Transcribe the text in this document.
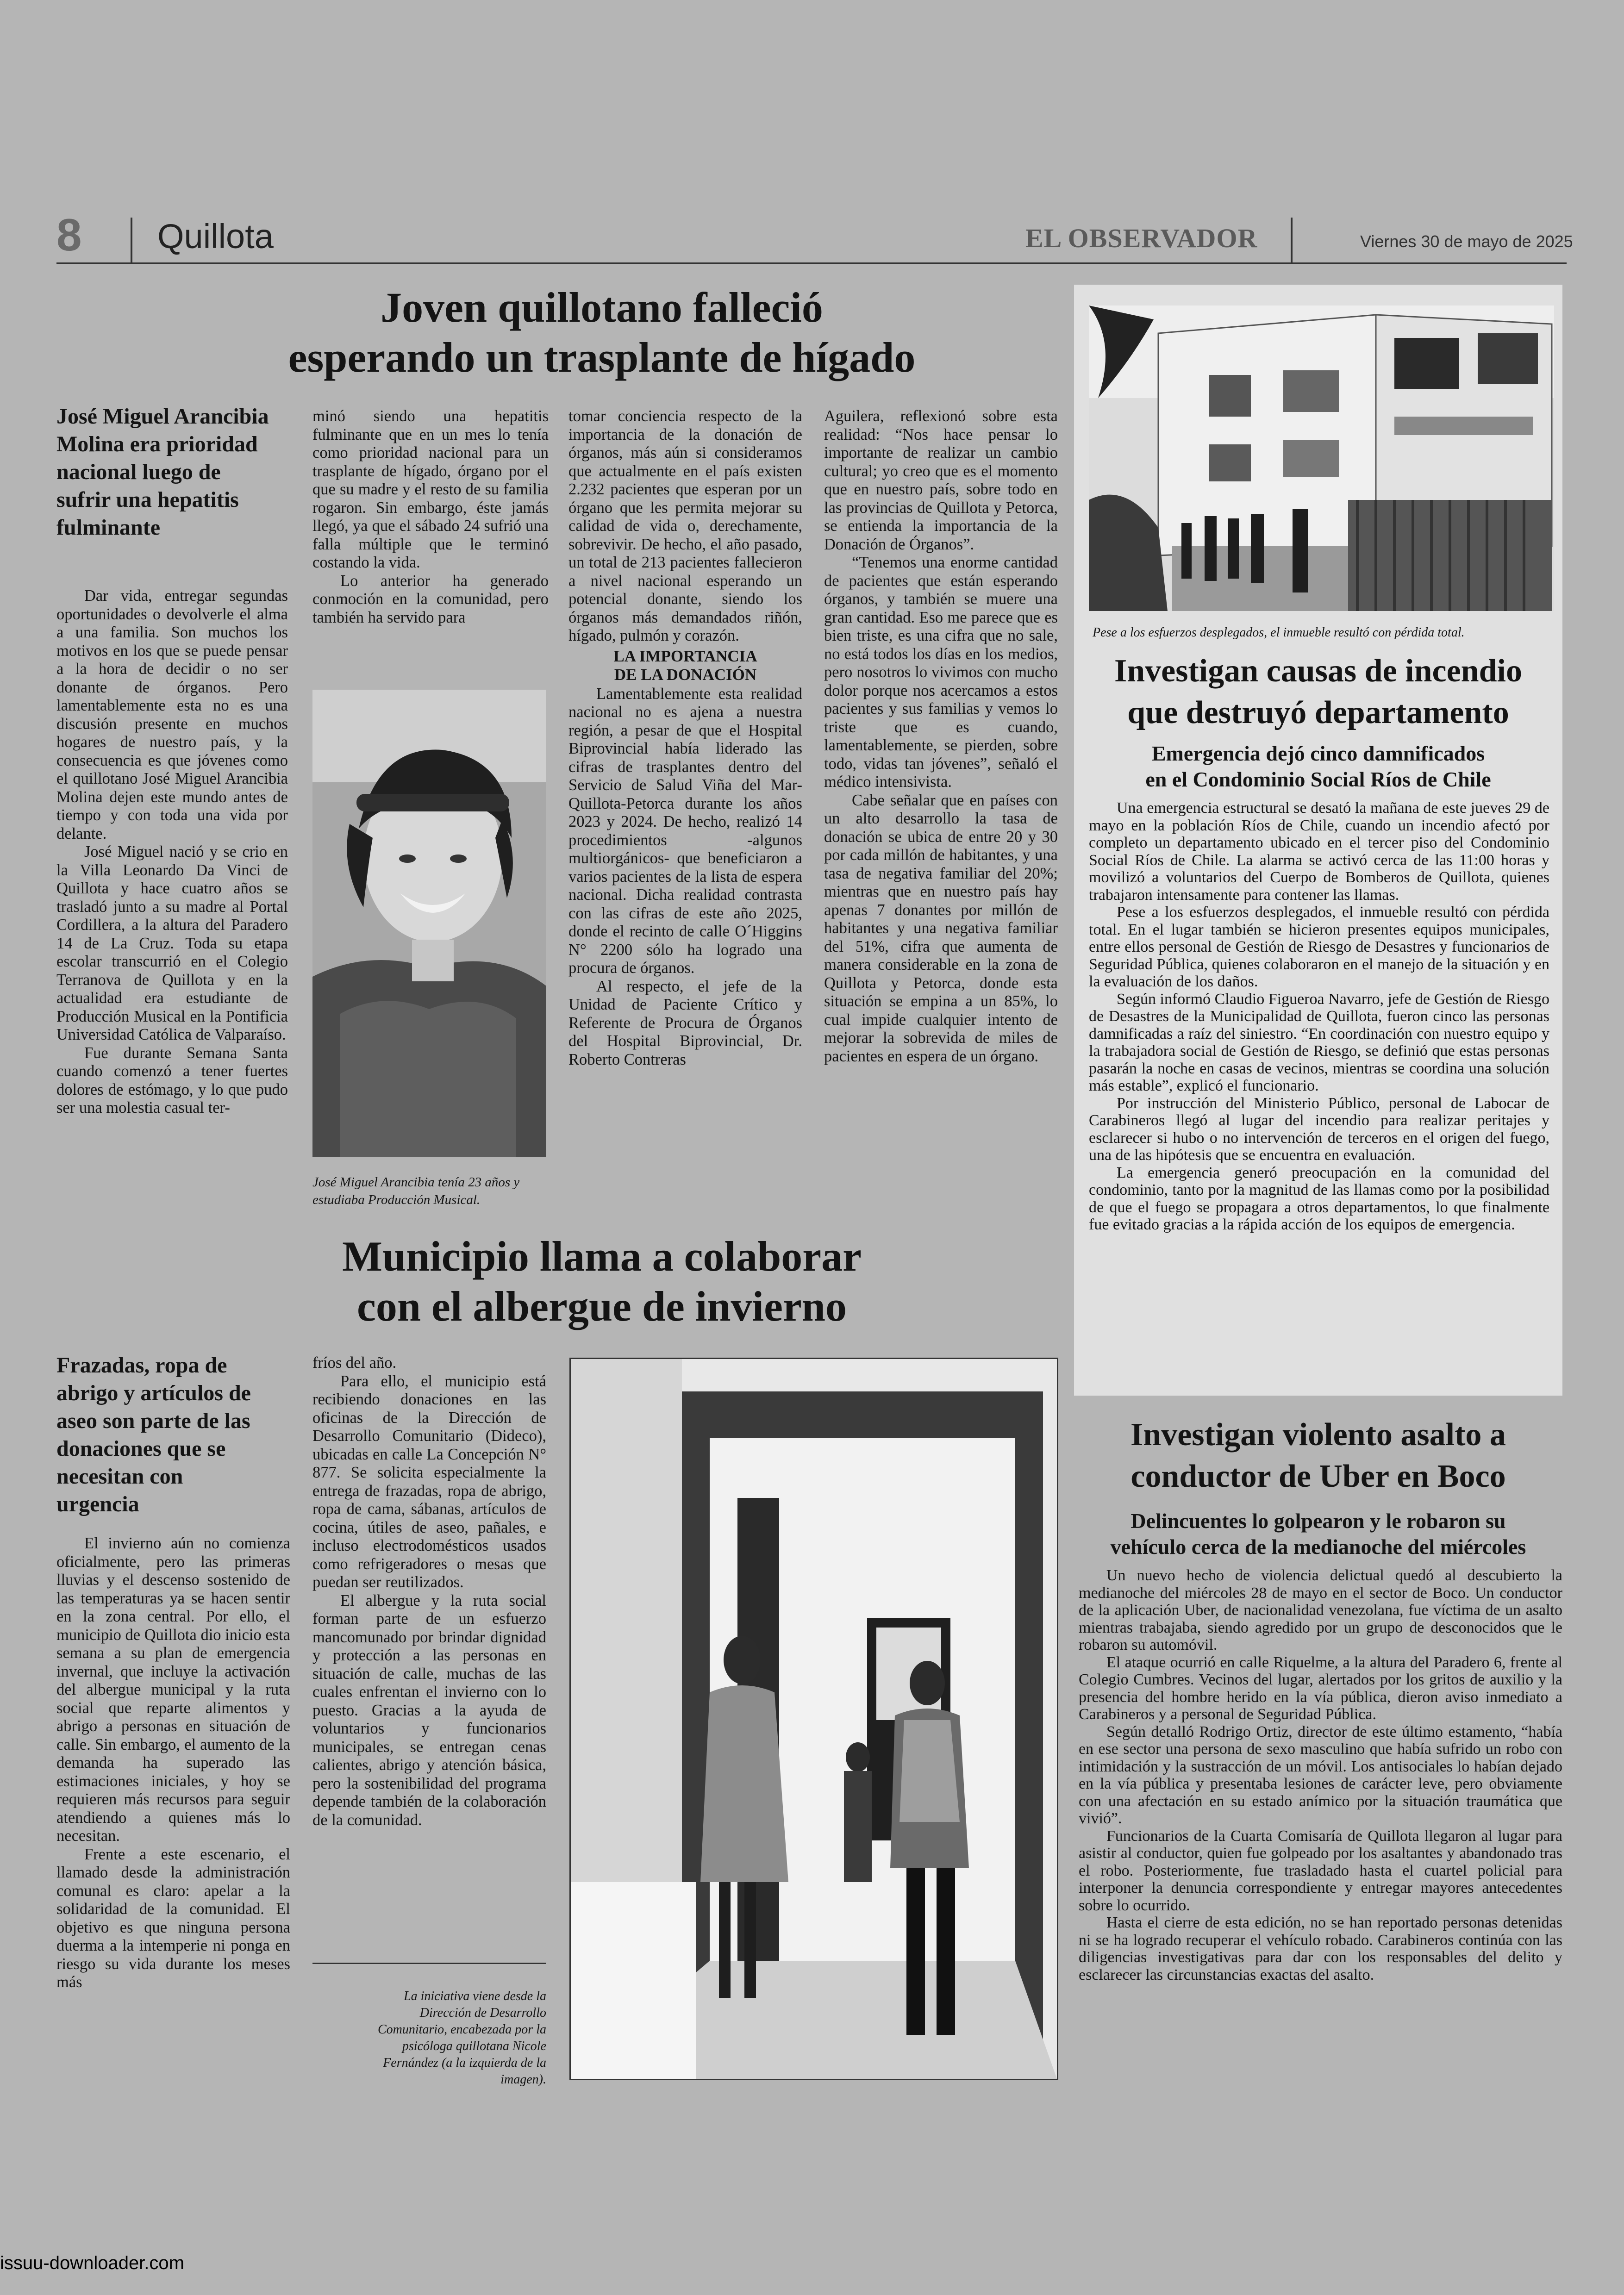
8 Quillota	EL OBSERVADOR	Viernes 30 de mayo de 2025
Joven quillotano falleció
esperando un trasplante de hígado
José Miguel Arancibia Molina era prioridad nacional luego de sufrir una hepatitis fulminante

Dar vida, entregar segundas oportunidades o devolverle el alma a una familia. Son muchos los motivos en los que se puede pensar a la hora de decidir o no ser donante de órganos. Pero lamentablemente esta no es una discusión presente en muchos hogares de nuestro país, y la consecuencia es que jóvenes como el quillotano José Miguel Arancibia Molina dejen este mundo antes de tiempo y con toda una vida por delante.

José Miguel nació y se crio en la Villa Leonardo Da Vinci de Quillota y hace cuatro años se trasladó junto a su madre al Portal Cordillera, a la altura del Paradero 14 de La Cruz. Toda su etapa escolar transcurrió en el Colegio Terranova de Quillota y en la actualidad era estudiante de Producción Musical en la Pontificia Universidad Católica de Valparaíso.

Fue durante Semana Santa cuando comenzó a tener fuertes dolores de estómago, y lo que pudo ser una molestia casual ter-

minó siendo una hepatitis fulminante que en un mes lo tenía como prioridad nacional para un trasplante de hígado, órgano por el que su madre y el resto de su familia rogaron. Sin embargo, éste jamás llegó, ya que el sábado 24 sufrió una falla múltiple que le terminó costando la vida.

Lo anterior ha generado conmoción en la comunidad, pero también ha servido para

José Miguel Arancibia tenía 23 años y estudiaba Producción Musical.

tomar conciencia respecto de la importancia de la donación de órganos, más aún si consideramos que actualmente en el país existen 2.232 pacientes que esperan por un órgano que les permita mejorar su calidad de vida o, derechamente, sobrevivir. De hecho, el año pasado, un total de 213 pacientes fallecieron a nivel nacional esperando un potencial donante, siendo los órganos más demandados riñón, hígado, pulmón y corazón.

LA IMPORTANCIA
DE LA DONACIÓN

Lamentablemente esta realidad nacional no es ajena a nuestra región, a pesar de que el Hospital Biprovincial había liderado las cifras de trasplantes dentro del Servicio de Salud Viña del Mar-Quillota-Petorca durante los años 2023 y 2024. De hecho, realizó 14 procedimientos -algunos multiorgánicos- que beneficiaron a varios pacientes de la lista de espera nacional. Dicha realidad contrasta con las cifras de este año 2025, donde el recinto de calle O´Higgins N° 2200 sólo ha logrado una procura de órganos.

Al respecto, el jefe de la Unidad de Paciente Crítico y Referente de Procura de Órganos del Hospital Biprovincial, Dr. Roberto Contreras

Aguilera, reflexionó sobre esta realidad: “Nos hace pensar lo importante de realizar un cambio cultural; yo creo que es el momento que en nuestro país, sobre todo en las provincias de Quillota y Petorca, se entienda la importancia de la Donación de Órganos”.

“Tenemos una enorme cantidad de pacientes que están esperando órganos, y también se muere una gran cantidad. Eso me parece que es bien triste, es una cifra que no sale, no está todos los días en los medios, pero nosotros lo vivimos con mucho dolor porque nos acercamos a estos pacientes y sus familias y vemos lo triste que es cuando, lamentablemente, se pierden, sobre todo, vidas tan jóvenes”, señaló el médico intensivista.

Cabe señalar que en países con un alto desarrollo la tasa de donación se ubica de entre 20 y 30 por cada millón de habitantes, y una tasa de negativa familiar del 20%; mientras que en nuestro país hay apenas 7 donantes por millón de habitantes y una negativa familiar del 51%, cifra que aumenta de manera considerable en la zona de Quillota y Petorca, donde esta situación se empina a un 85%, lo cual impide cualquier intento de mejorar la sobrevida de miles de pacientes en espera de un órgano.

Pese a los esfuerzos desplegados, el inmueble resultó con pérdida total.
Investigan causas de incendio
que destruyó departamento
Emergencia dejó cinco damnificados
en el Condominio Social Ríos de Chile

Una emergencia estructural se desató la mañana de este jueves 29 de mayo en la población Ríos de Chile, cuando un incendio afectó por completo un departamento ubicado en el tercer piso del Condominio Social Ríos de Chile. La alarma se activó cerca de las 11:00 horas y movilizó a voluntarios del Cuerpo de Bomberos de Quillota, quienes trabajaron intensamente para contener las llamas.

Pese a los esfuerzos desplegados, el inmueble resultó con pérdida total. En el lugar también se hicieron presentes equipos municipales, entre ellos personal de Gestión de Riesgo de Desastres y funcionarios de Seguridad Pública, quienes colaboraron en el manejo de la situación y en la evaluación de los daños.

Según informó Claudio Figueroa Navarro, jefe de Gestión de Riesgo de Desastres de la Municipalidad de Quillota, fueron cinco las personas damnificadas a raíz del siniestro. “En coordinación con nuestro equipo y la trabajadora social de Gestión de Riesgo, se definió que estas personas pasarán la noche en casas de vecinos, mientras se coordina una solución más estable”, explicó el funcionario.

Por instrucción del Ministerio Público, personal de Labocar de Carabineros llegó al lugar del incendio para realizar peritajes y esclarecer si hubo o no intervención de terceros en el origen del fuego, una de las hipótesis que se encuentra en evaluación.

La emergencia generó preocupación en la comunidad del condominio, tanto por la magnitud de las llamas como por la posibilidad de que el fuego se propagara a otros departamentos, lo que finalmente fue evitado gracias a la rápida acción de los equipos de emergencia.

Municipio llama a colaborar
con el albergue de invierno
Frazadas, ropa de abrigo y artículos de aseo son parte de las donaciones que se necesitan con urgencia

El invierno aún no comienza oficialmente, pero las primeras lluvias y el descenso sostenido de las temperaturas ya se hacen sentir en la zona central. Por ello, el municipio de Quillota dio inicio esta semana a su plan de emergencia invernal, que incluye la activación del albergue municipal y la ruta social que reparte alimentos y abrigo a personas en situación de calle. Sin embargo, el aumento de la demanda ha superado las estimaciones iniciales, y hoy se requieren más recursos para seguir atendiendo a quienes más lo necesitan.

Frente a este escenario, el llamado desde la administración comunal es claro: apelar a la solidaridad de la comunidad. El objetivo es que ninguna persona duerma a la intemperie ni ponga en riesgo su vida durante los meses más

fríos del año.

Para ello, el municipio está recibiendo donaciones en las oficinas de la Dirección de Desarrollo Comunitario (Dideco), ubicadas en calle La Concepción N° 877. Se solicita especialmente la entrega de frazadas, ropa de abrigo, ropa de cama, sábanas, artículos de cocina, útiles de aseo, pañales, e incluso electrodomésticos usados como refrigeradores o mesas que puedan ser reutilizados.

El albergue y la ruta social forman parte de un esfuerzo mancomunado por brindar dignidad y protección a las personas en situación de calle, muchas de las cuales enfrentan el invierno con lo puesto. Gracias a la ayuda de voluntarios y funcionarios municipales, se entregan cenas calientes, abrigo y atención básica, pero la sostenibilidad del programa depende también de la colaboración de la comunidad.

La iniciativa viene desde la Dirección de Desarrollo Comunitario, encabezada por la psicóloga quillotana Nicole Fernández (a la izquierda de la imagen).
Investigan violento asalto a
conductor de Uber en Boco
Delincuentes lo golpearon y le robaron su
vehículo cerca de la medianoche del miércoles

Un nuevo hecho de violencia delictual quedó al descubierto la medianoche del miércoles 28 de mayo en el sector de Boco. Un conductor de la aplicación Uber, de nacionalidad venezolana, fue víctima de un asalto mientras trabajaba, siendo agredido por un grupo de desconocidos que le robaron su automóvil.

El ataque ocurrió en calle Riquelme, a la altura del Paradero 6, frente al Colegio Cumbres. Vecinos del lugar, alertados por los gritos de auxilio y la presencia del hombre herido en la vía pública, dieron aviso inmediato a Carabineros y a personal de Seguridad Pública.

Según detalló Rodrigo Ortiz, director de este último estamento, “había en ese sector una persona de sexo masculino que había sufrido un robo con intimidación y la sustracción de un móvil. Los antisociales lo habían dejado en la vía pública y presentaba lesiones de carácter leve, pero obviamente con una afectación en su estado anímico por la situación traumática que vivió”.

Funcionarios de la Cuarta Comisaría de Quillota llegaron al lugar para asistir al conductor, quien fue golpeado por los asaltantes y abandonado tras el robo. Posteriormente, fue trasladado hasta el cuartel policial para interponer la denuncia correspondiente y entregar mayores antecedentes sobre lo ocurrido.

Hasta el cierre de esta edición, no se han reportado personas detenidas ni se ha logrado recuperar el vehículo robado. Carabineros continúa con las diligencias investigativas para dar con los responsables del delito y esclarecer las circunstancias exactas del asalto.

issuu-downloader.com
